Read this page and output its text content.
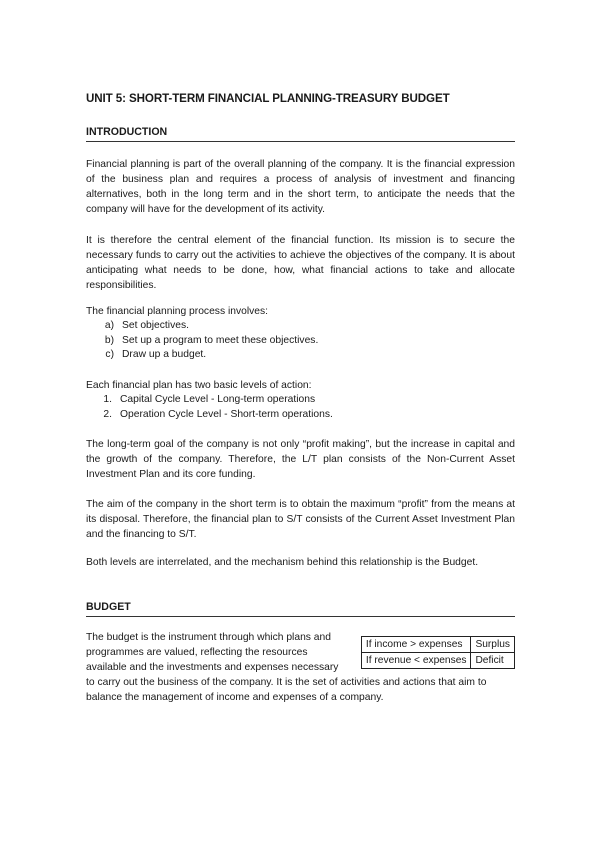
UNIT 5: SHORT-TERM FINANCIAL PLANNING-TREASURY BUDGET
INTRODUCTION

Financial planning is part of the overall planning of the company. It is the financial expression of the business plan and requires a process of analysis of investment and financing alternatives, both in the long term and in the short term, to anticipate the needs that the company will have for the development of its activity.

It is therefore the central element of the financial function. Its mission is to secure the necessary funds to carry out the activities to achieve the objectives of the company. It is about anticipating what needs to be done, how, what financial actions to take and allocate responsibilities.

The financial planning process involves:

a) Set objectives.
b) Set up a program to meet these objectives.
c) Draw up a budget.

Each financial plan has two basic levels of action:

1. Capital Cycle Level - Long-term operations
2. Operation Cycle Level - Short-term operations.

The long-term goal of the company is not only “profit making”, but the increase in capital and the growth of the company. Therefore, the L/T plan consists of the Non-Current Asset Investment Plan and its core funding.

The aim of the company in the short term is to obtain the maximum “profit” from the means at its disposal. Therefore, the financial plan to S/T consists of the Current Asset Investment Plan and the financing to S/T.

Both levels are interrelated, and the mechanism behind this relationship is the Budget.

BUDGET
If income > expenses	Surplus
If revenue < expenses	Deficit

The budget is the instrument through which plans and programmes are valued, reflecting the resources available and the investments and expenses necessary to carry out the business of the company. It is the set of activities and actions that aim to balance the management of income and expenses of a company.
